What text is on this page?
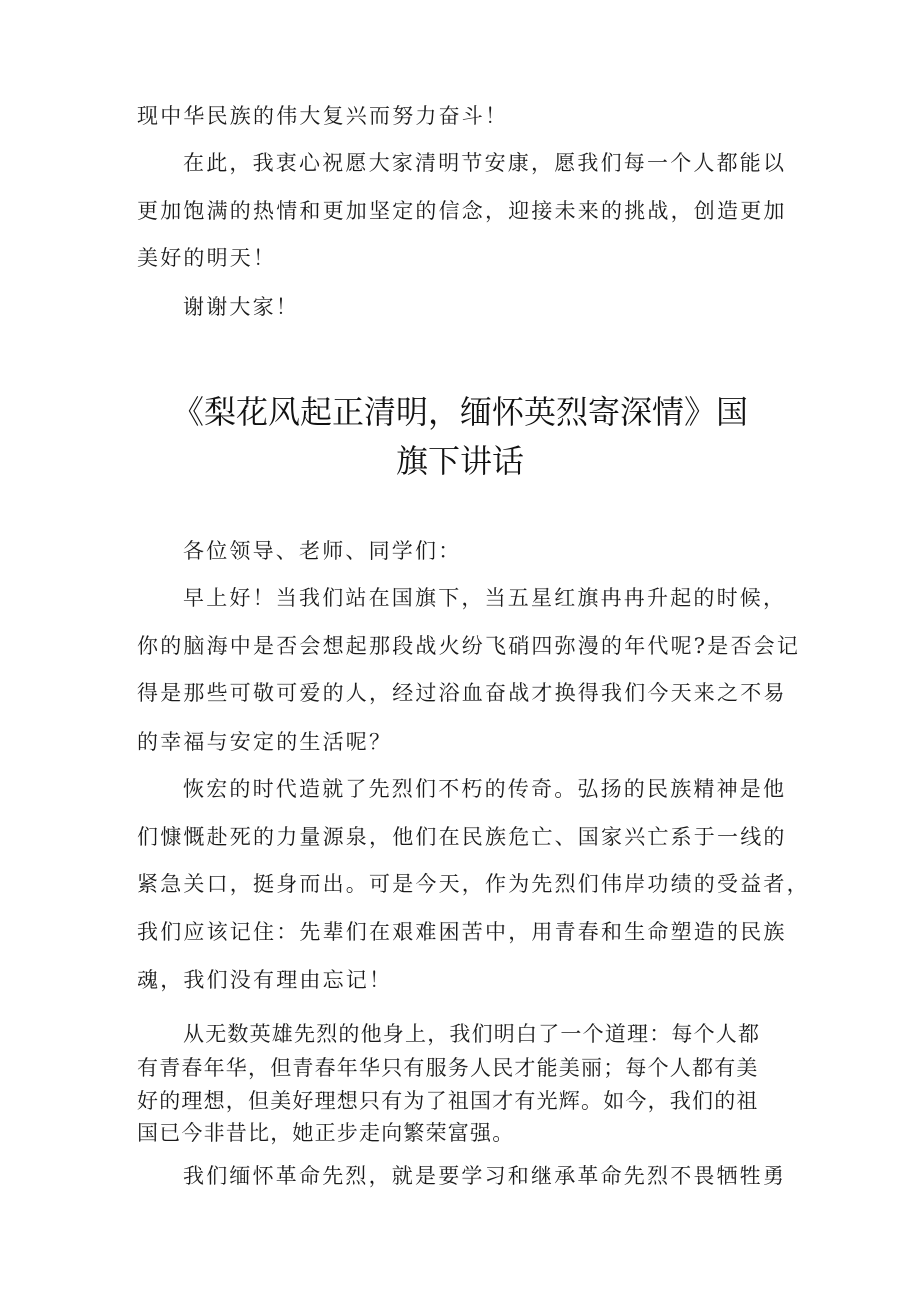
现中华民族的伟大复兴而努力奋斗！
在此，我衷心祝愿大家清明节安康，愿我们每一个人都能以
更加饱满的热情和更加坚定的信念，迎接未来的挑战，创造更加
美好的明天！
谢谢大家！
《梨花风起正清明，缅怀英烈寄深情》国
旗下讲话
各位领导、老师、同学们：
早上好！当我们站在国旗下，当五星红旗冉冉升起的时候，
你的脑海中是否会想起那段战火纷飞硝四弥漫的年代呢?是否会记
得是那些可敬可爱的人，经过浴血奋战才换得我们今天来之不易
的幸福与安定的生活呢？
恢宏的时代造就了先烈们不朽的传奇。弘扬的民族精神是他
们慷慨赴死的力量源泉，他们在民族危亡、国家兴亡系于一线的
紧急关口，挺身而出。可是今天，作为先烈们伟岸功绩的受益者，
我们应该记住：先辈们在艰难困苦中，用青春和生命塑造的民族
魂，我们没有理由忘记！
从无数英雄先烈的他身上，我们明白了一个道理：每个人都
有青春年华，但青春年华只有服务人民才能美丽；每个人都有美
好的理想，但美好理想只有为了祖国才有光辉。如今，我们的祖
国已今非昔比，她正步走向繁荣富强。
我们缅怀革命先烈，就是要学习和继承革命先烈不畏牺牲勇
